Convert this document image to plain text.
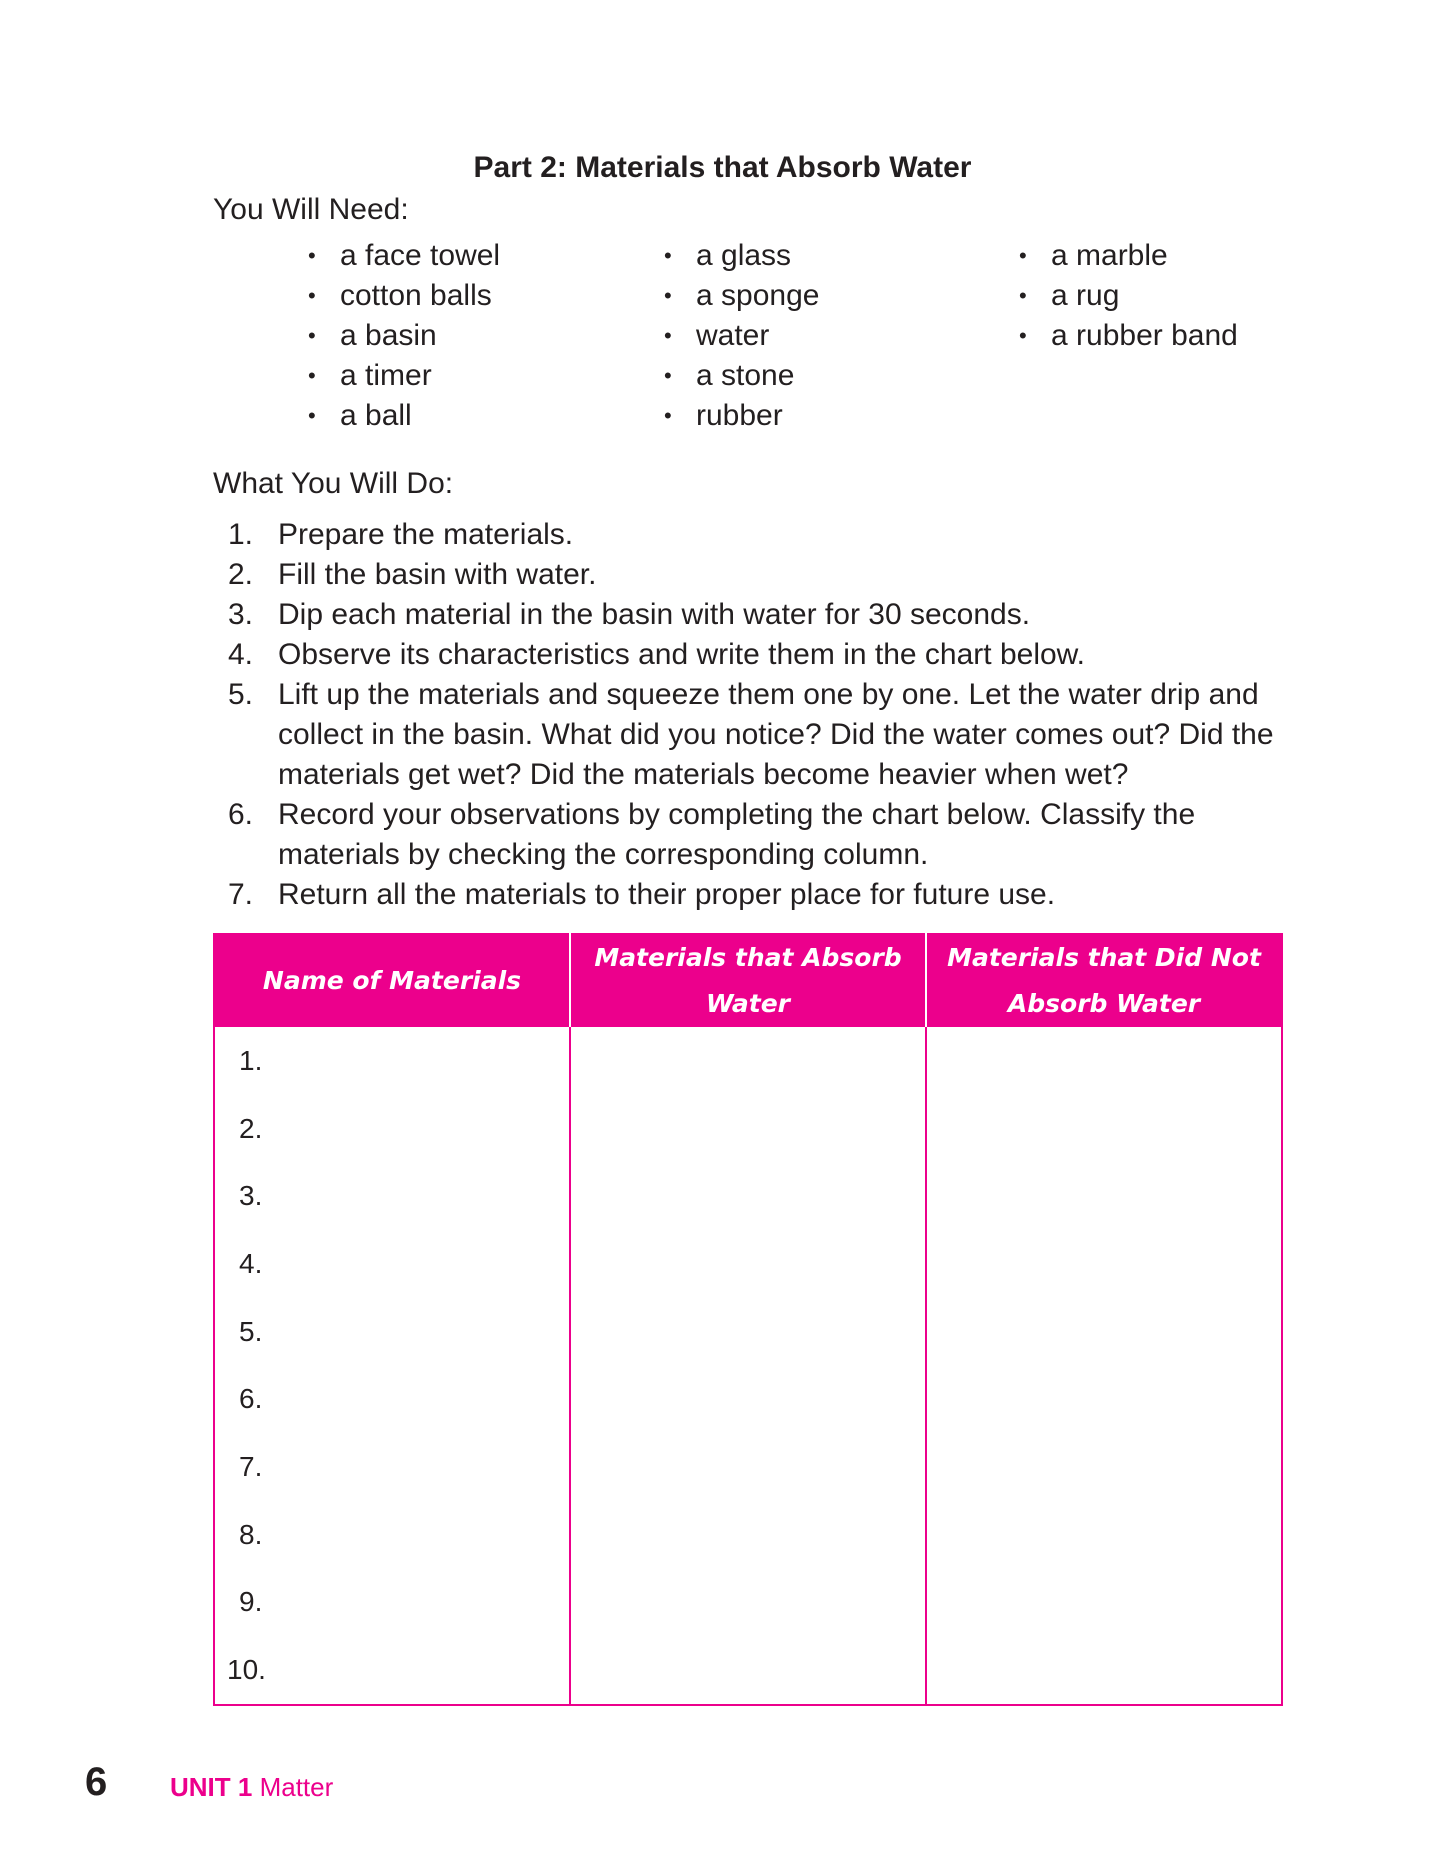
Part 2: Materials that Absorb Water

You Will Need:

• a face towel
• cotton balls
• a basin
• a timer
• a ball
• a glass
• a sponge
• water
• a stone
• rubber
• a marble
• a rug
• a rubber band

What You Will Do:

1. Prepare the materials.
2. Fill the basin with water.
3. Dip each material in the basin with water for 30 seconds.
4. Observe its characteristics and write them in the chart below.
5. Lift up the materials and squeeze them one by one. Let the water drip and collect in the basin. What did you notice? Did the water comes out? Did the materials get wet? Did the materials become heavier when wet?
6. Record your observations by completing the chart below. Classify the materials by checking the corresponding column.
7. Return all the materials to their proper place for future use.
Name of Materials	Materials that Absorb Water	Materials that Did Not Absorb Water
1.		
2.		
3.		
4.		
5.		
6.		
7.		
8.		
9.		
10.		

6 UNIT 1 Matter
